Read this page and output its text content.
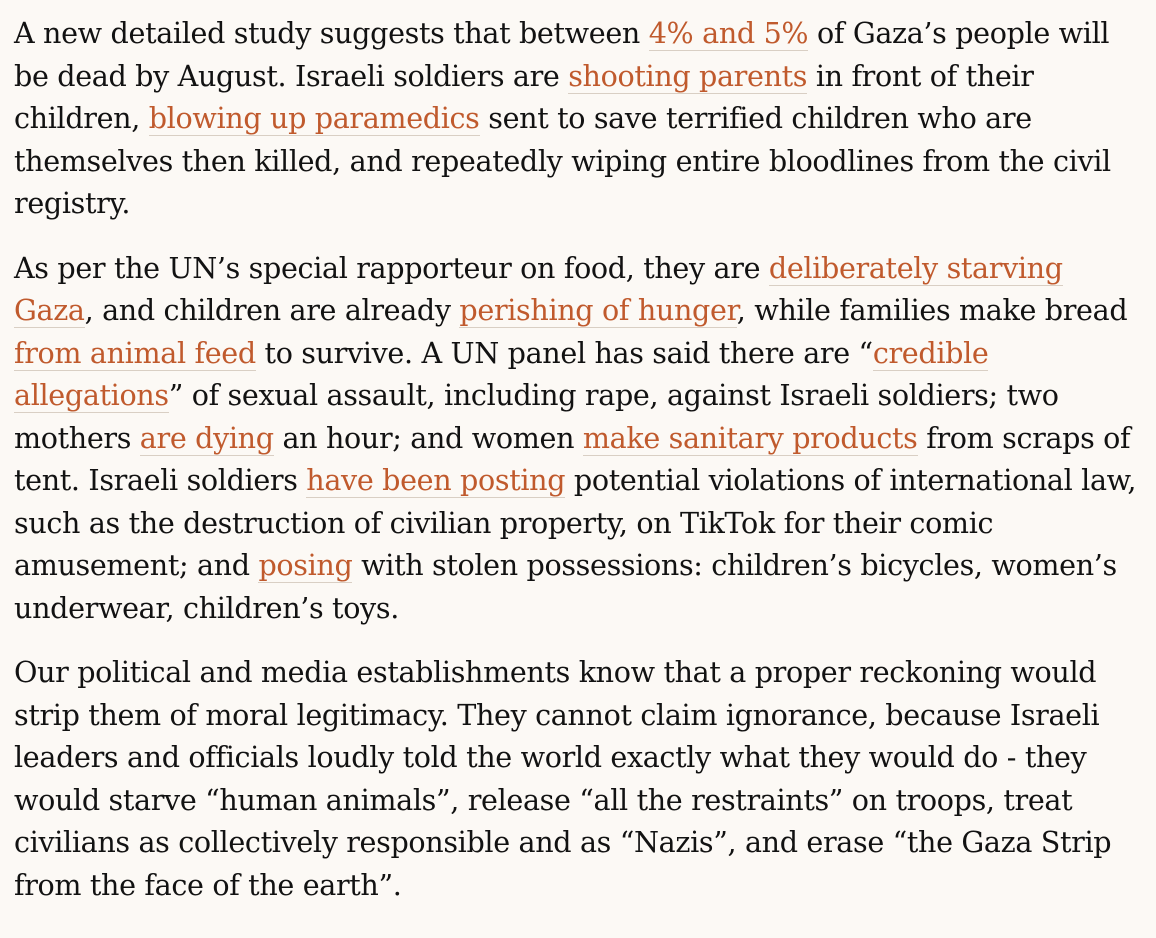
A new detailed study suggests that between 4% and 5% of Gaza’s people will be dead by August. Israeli soldiers are shooting parents in front of their children, blowing up paramedics sent to save terrified children who are themselves then killed, and repeatedly wiping entire bloodlines from the civil registry.

As per the UN’s special rapporteur on food, they are deliberately starving Gaza, and children are already perishing of hunger, while families make bread from animal feed to survive. A UN panel has said there are “credible allegations” of sexual assault, including rape, against Israeli soldiers; two mothers are dying an hour; and women make sanitary products from scraps of tent. Israeli soldiers have been posting potential violations of international law, such as the destruction of civilian property, on TikTok for their comic amusement; and posing with stolen possessions: children’s bicycles, women’s underwear, children’s toys.

Our political and media establishments know that a proper reckoning would strip them of moral legitimacy. They cannot claim ignorance, because Israeli leaders and officials loudly told the world exactly what they would do - they would starve “human animals”, release “all the restraints” on troops, treat civilians as collectively responsible and as “Nazis”, and erase “the Gaza Strip from the face of the earth”.
